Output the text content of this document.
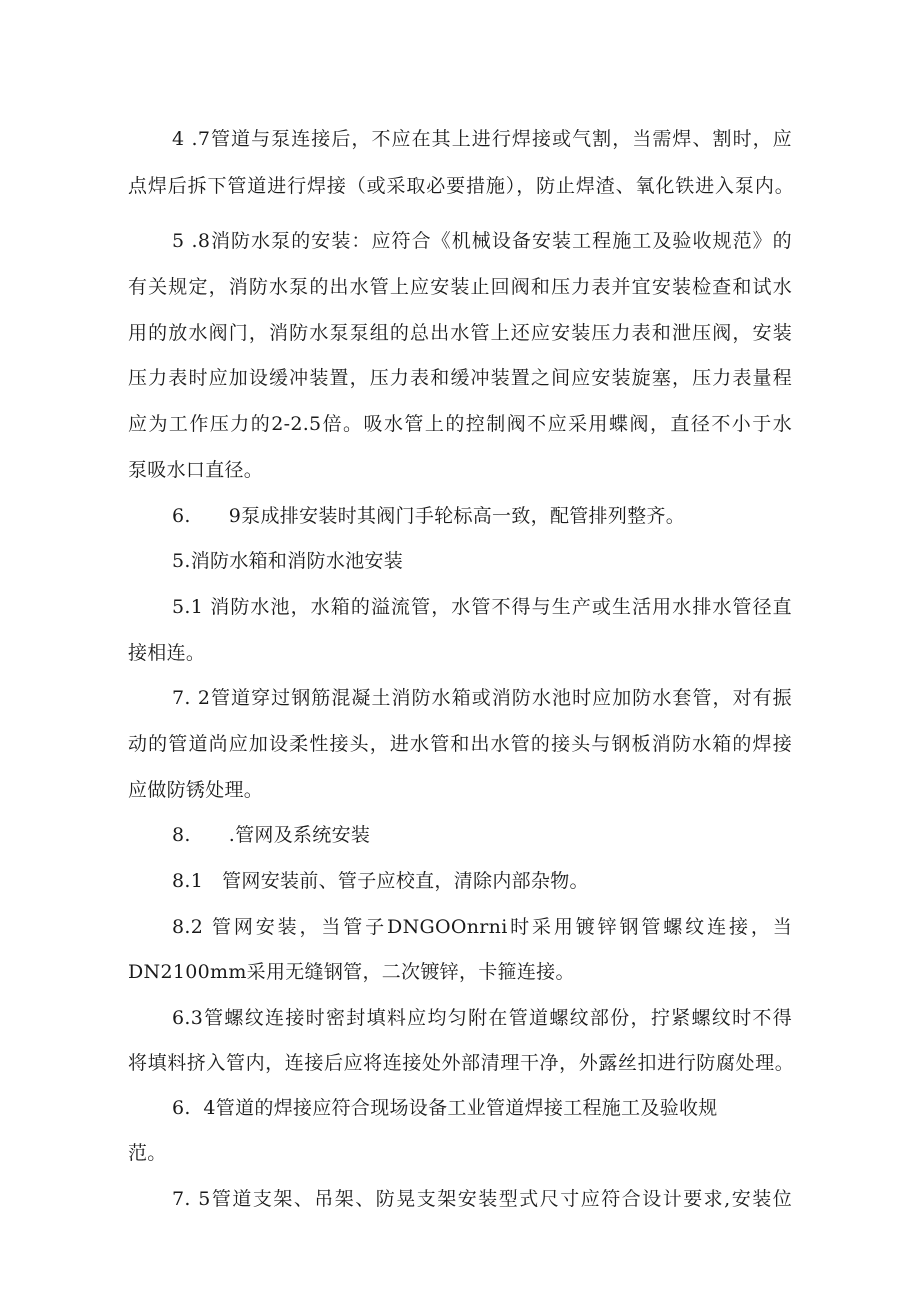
4 .7管道与泵连接后，不应在其上进行焊接或气割，当需焊、割时，应
点焊后拆下管道进行焊接（或采取必要措施），防止焊渣、氧化铁进入泵内。
5 .8消防水泵的安装：应符合《机械设备安装工程施工及验收规范》的
有关规定，消防水泵的出水管上应安装止回阀和压力表并宜安装检查和试水
用的放水阀门，消防水泵泵组的总出水管上还应安装压力表和泄压阀，安装
压力表时应加设缓冲装置，压力表和缓冲装置之间应安装旋塞，压力表量程
应为工作压力的2-2.5倍。吸水管上的控制阀不应采用蝶阀，直径不小于水
泵吸水口直径。
6.      9泵成排安装时其阀门手轮标高一致，配管排列整齐。
5.消防水箱和消防水池安装
5.1 消防水池，水箱的溢流管，水管不得与生产或生活用水排水管径直
接相连。
7. 2管道穿过钢筋混凝土消防水箱或消防水池时应加防水套管，对有振
动的管道尚应加设柔性接头，进水管和出水管的接头与钢板消防水箱的焊接
应做防锈处理。
8.      .管网及系统安装
8.1   管网安装前、管子应校直，清除内部杂物。
8.2 管网安装，当管子DNGOOnrni时采用镀锌钢管螺纹连接，当
DN2100mm采用无缝钢管，二次镀锌，卡箍连接。
6.3管螺纹连接时密封填料应均匀附在管道螺纹部份，拧紧螺纹时不得
将填料挤入管内，连接后应将连接处外部清理干净，外露丝扣进行防腐处理。
6.  4管道的焊接应符合现场设备工业管道焊接工程施工及验收规
范。
7. 5管道支架、吊架、防晃支架安装型式尺寸应符合设计要求,安装位
